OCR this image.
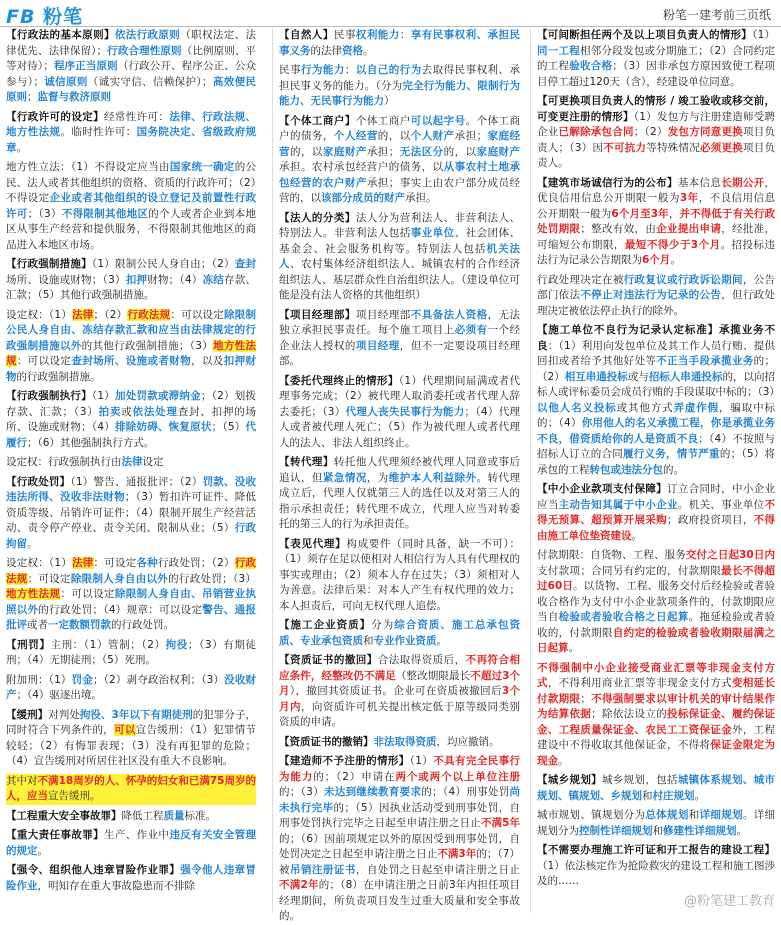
FB 粉笔	粉笔一建考前三页纸

【行政法的基本原则】依法行政原则（职权法定、法律优先、法律保留）；行政合理性原则（比例原则、平等对待）；程序正当原则（行政公开、程序公正、公众参与）；诚信原则（诚实守信、信赖保护）；高效便民原则；监督与救济原则

【行政许可的设定】经常性许可：法律、行政法规、地方性法规。临时性许可：国务院决定、省级政府规章。

地方性立法：（1）不得设定应当由国家统一确定的公民、法人或者其他组织的资格、资质的行政许可；（2）不得设定企业或者其他组织的设立登记及前置性行政许可；（3）不得限制其他地区的个人或者企业到本地区从事生产经营和提供服务，不得限制其他地区的商品进入本地区市场。

【行政强制措施】（1）限制公民人身自由；（2）查封场所、设施或财物；（3）扣押财物；（4）冻结存款、汇款；（5）其他行政强制措施。

设定权：（1）法律；（2）行政法规：可以设定除限制公民人身自由、冻结存款汇款和应当由法律规定的行政强制措施以外的其他行政强制措施；（3）地方性法规：可以设定查封场所、设施或者财物，以及扣押财物的行政强制措施。

【行政强制执行】（1）加处罚款或滞纳金；（2）划拨存款、汇款；（3）拍卖或依法处理查封、扣押的场所、设施或财物；（4）排除妨碍、恢复原状；（5）代履行；（6）其他强制执行方式。

设定权：行政强制执行由法律设定

【行政处罚】（1）警告、通报批评；（2）罚款、没收违法所得、没收非法财物；（3）暂扣许可证件、降低资质等级、吊销许可证件；（4）限制开展生产经营活动、责令停产停业、责令关闭、限制从业；（5）行政拘留。

设定权：（1）法律：可设定各种行政处罚；（2）行政法规：可设定除限制人身自由以外的行政处罚；（3）地方性法规：可以设定除限制人身自由、吊销营业执照以外的行政处罚；（4）规章：可以设定警告、通报批评或者一定数额罚款的行政处罚。

【刑罚】主刑：（1）管制；（2）拘役；（3）有期徒刑；（4）无期徒刑；（5）死刑。

附加刑：（1）罚金；（2）剥夺政治权利；（3）没收财产；（4）驱逐出境。

【缓刑】对判处拘役、3年以下有期徒刑的犯罪分子，同时符合下列条件的，可以宣告缓刑：（1）犯罪情节较轻；（2）有悔罪表现；（3）没有再犯罪的危险；（4）宣告缓刑对所居住社区没有重大不良影响。

其中对不满18周岁的人、怀孕的妇女和已满75周岁的人，应当宣告缓刑。

【工程重大安全事故罪】降低工程质量标准。

【重大责任事故罪】生产、作业中违反有关安全管理的规定。

【强令、组织他人违章冒险作业罪】强令他人违章冒险作业，明知存在重大事故隐患而不排除

【自然人】民事权利能力：享有民事权利、承担民事义务的法律资格。

民事行为能力：以自己的行为去取得民事权利、承担民事义务的能力。（分为完全行为能力、限制行为能力、无民事行为能力）

【个体工商户】个体工商户可以起字号。个体工商户的债务，个人经营的，以个人财产承担；家庭经营的，以家庭财产承担；无法区分的，以家庭财产承担。农村承包经营户的债务，以从事农村土地承包经营的农户财产承担；事实上由农户部分成员经营的，以该部分成员的财产承担。

【法人的分类】法人分为营利法人、非营利法人、特别法人。非营利法人包括事业单位、社会团体、基金会、社会服务机构等。特别法人包括机关法人、农村集体经济组织法人、城镇农村的合作经济组织法人、基层群众性自治组织法人。（建设单位可能是没有法人资格的其他组织）

【项目经理部】项目经理部不具备法人资格，无法独立承担民事责任。每个施工项目上必须有一个经企业法人授权的项目经理，但不一定要设项目经理部。

【委托代理终止的情形】（1）代理期间届满或者代理事务完成；（2）被代理人取消委托或者代理人辞去委托；（3）代理人丧失民事行为能力；（4）代理人或者被代理人死亡；（5）作为被代理人或者代理人的法人、非法人组织终止。

【转代理】转托他人代理须经被代理人同意或事后追认，但紧急情况，为维护本人利益除外。转代理成立后，代理人仅就第三人的选任以及对第三人的指示承担责任；转代理不成立，代理人应当对转委托的第三人的行为承担责任。

【表见代理】构成要件（同时具备，缺一不可）：（1）须存在足以使相对人相信行为人具有代理权的事实或理由；（2）须本人存在过失；（3）须相对人为善意。法律后果：对本人产生有权代理的效力；本人担责后，可向无权代理人追偿。

【施工企业资质】分为综合资质、施工总承包资质、专业承包资质和专业作业资质。

【资质证书的撤回】合法取得资质后，不再符合相应条件，经整改仍不满足（整改期限最长不超过3个月），撤回其资质证书。企业可在资质被撤回后3个月内，向资质许可机关提出核定低于原等级同类别资质的申请。

【资质证书的撤销】非法取得资质，均应撤销。

【建造师不予注册的情形】（1）不具有完全民事行为能力的；（2）申请在两个或两个以上单位注册的；（3）未达到继续教育要求的；（4）刑事处罚尚未执行完毕的；（5）因执业活动受到刑事处罚，自刑事处罚执行完毕之日起至申请注册之日止不满5年的；（6）因前项规定以外的原因受到刑事处罚，自处罚决定之日起至申请注册之日止不满3年的；（7）被吊销注册证书，自处罚之日起至申请注册之日止不满2年的；（8）在申请注册之日前3年内担任项目经理期间，所负责项目发生过重大质量和安全事故的。

【可间断担任两个及以上项目负责人的情形】（1）同一工程相邻分段发包或分期施工；（2）合同约定的工程验收合格；（3）因非承包方原因致使工程项目停工超过120天（含），经建设单位同意。

【可更换项目负责人的情形 / 竣工验收或移交前，可变更注册的情形】（1）发包方与注册建造师受聘企业已解除承包合同；（2）发包方同意更换项目负责人；（3）因不可抗力等特殊情况必须更换项目负责人。

【建筑市场诚信行为的公布】基本信息长期公开，优良信用信息公开期限一般为3年，不良信用信息公开期限一般为6个月至3年，并不得低于有关行政处罚期限；整改有效，由企业提出申请，经批准，可缩短公布期限，最短不得少于3个月。招投标违法行为记录公告期限为6个月。

行政处理决定在被行政复议或行政诉讼期间，公告部门依法不停止对违法行为记录的公告，但行政处理决定被依法停止执行的除外。

【施工单位不良行为记录认定标准】承揽业务不良：（1）利用向发包单位及其工作人员行贿、提供回扣或者给予其他好处等不正当手段承揽业务的；（2）相互串通投标或与招标人串通投标的，以向招标人或评标委员会成员行贿的手段谋取中标的；（3）以他人名义投标或其他方式弄虚作假，骗取中标的；（4）你用他人的名义承揽工程，你是承揽业务不良，借资质给你的人是资质不良；（4）不按照与招标人订立的合同履行义务，情节严重的；（5）将承包的工程转包或违法分包的。

【中小企业款项支付保障】订立合同时，中小企业应当主动告知其属于中小企业。机关、事业单位不得无预算、超预算开展采购；政府投资项目，不得由施工单位垫资建设。

付款期限：自货物、工程、服务交付之日起30日内支付款项；合同另有约定的，付款期限最长不得超过60日。以货物、工程、服务交付后经检验或者验收合格作为支付中小企业款项条件的，付款期限应当自检验或者验收合格之日起算。拖延检验或者验收的，付款期限自约定的检验或者验收期限届满之日起算。

不得强制中小企业接受商业汇票等非现金支付方式，不得利用商业汇票等非现金支付方式变相延长付款期限；不得强制要求以审计机关的审计结果作为结算依据；除依法设立的投标保证金、履约保证金、工程质量保证金、农民工工资保证金外，工程建设中不得收取其他保证金，不得将保证金限定为现金。

【城乡规划】城乡规划，包括城镇体系规划、城市规划、镇规划、乡规划和村庄规划。

城市规划、镇规划分为总体规划和详细规划。详细规划分为控制性详细规划和修建性详细规划。

【不需要办理施工许可证和开工报告的建设工程】（1）依法核定作为抢险救灾的建设工程和施工图涉及的……

@粉笔建工教育
